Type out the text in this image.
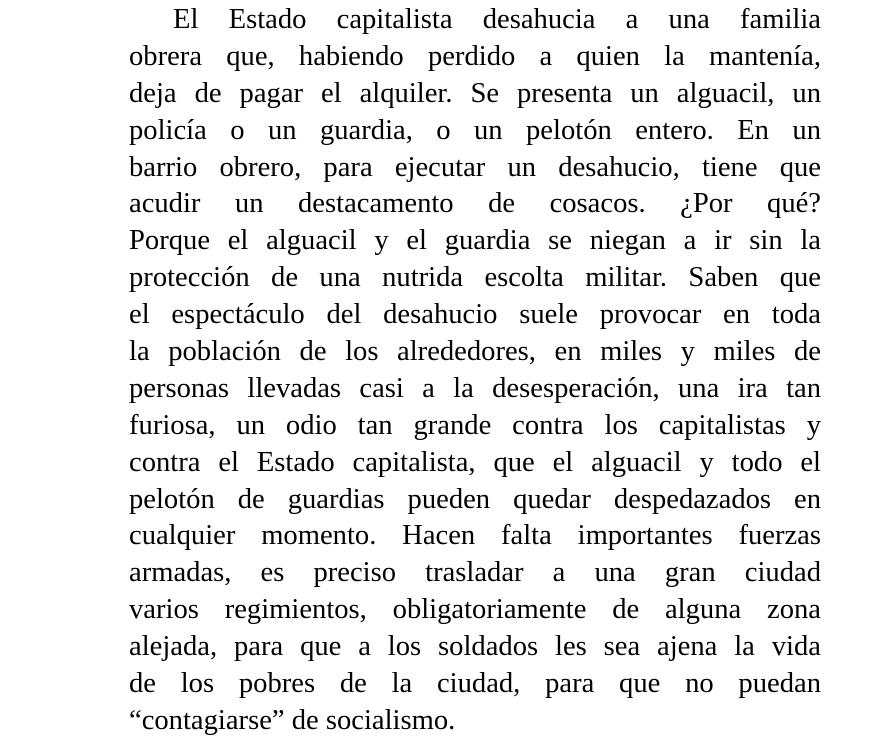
El Estado capitalista desahucia a una familia
obrera que, habiendo perdido a quien la mantenía,
deja de pagar el alquiler. Se presenta un alguacil, un
policía o un guardia, o un pelotón entero. En un
barrio obrero, para ejecutar un desahucio, tiene que
acudir un destacamento de cosacos. ¿Por qué?
Porque el alguacil y el guardia se niegan a ir sin la
protección de una nutrida escolta militar. Saben que
el espectáculo del desahucio suele provocar en toda
la población de los alrededores, en miles y miles de
personas llevadas casi a la desesperación, una ira tan
furiosa, un odio tan grande contra los capitalistas y
contra el Estado capitalista, que el alguacil y todo el
pelotón de guardias pueden quedar despedazados en
cualquier momento. Hacen falta importantes fuerzas
armadas, es preciso trasladar a una gran ciudad
varios regimientos, obligatoriamente de alguna zona
alejada, para que a los soldados les sea ajena la vida
de los pobres de la ciudad, para que no puedan
“contagiarse” de socialismo.
